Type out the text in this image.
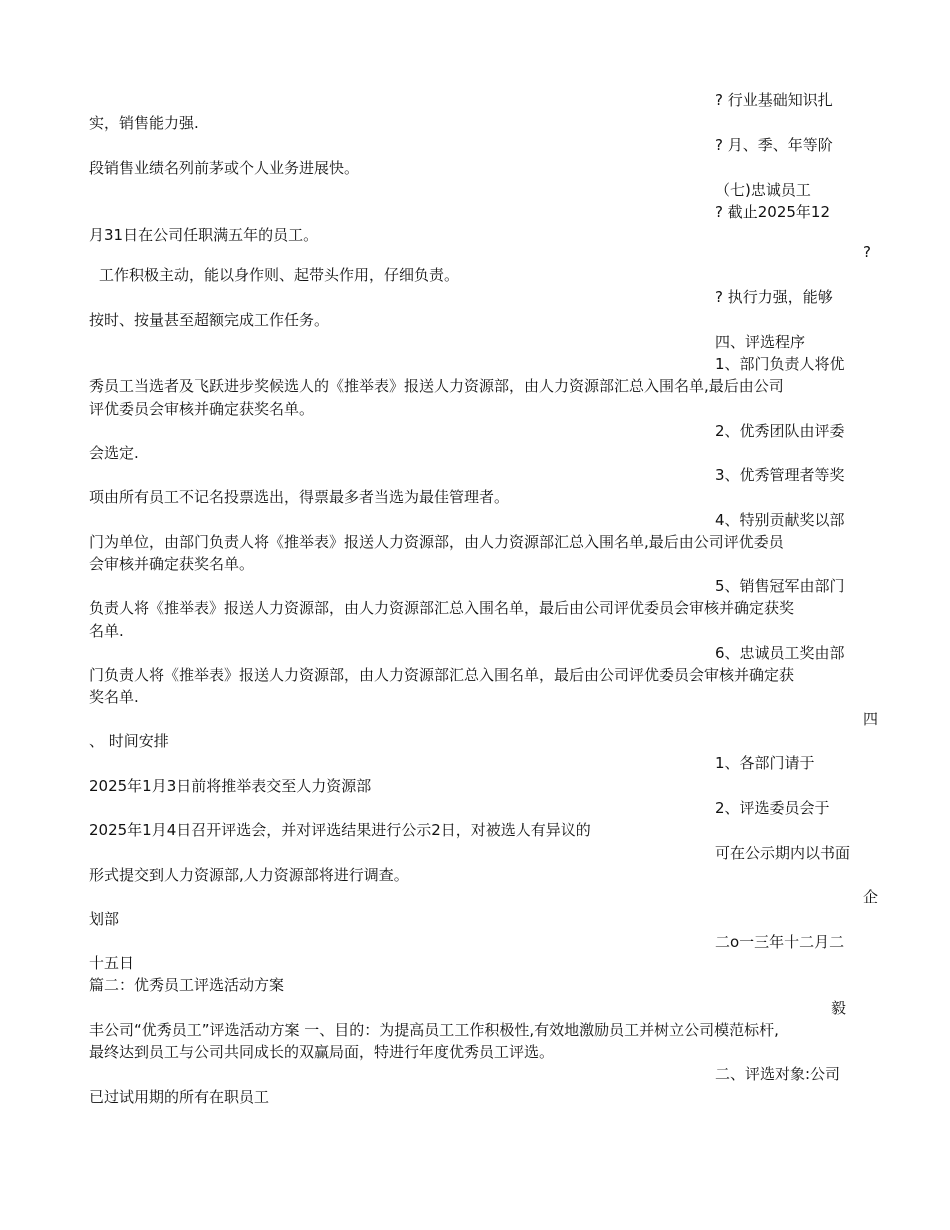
? 行业基础知识扎
实，销售能力强.
? 月、季、年等阶
段销售业绩名列前茅或个人业务进展快。
（七)忠诚员工
? 截止2025年12
月31日在公司任职满五年的员工。
?
工作积极主动，能以身作则、起带头作用，仔细负责。
? 执行力强，能够
按时、按量甚至超额完成工作任务。
四、评选程序
1、部门负责人将优
秀员工当选者及飞跃进步奖候选人的《推举表》报送人力资源部，由人力资源部汇总入围名单,最后由公司
评优委员会审核并确定获奖名单。
2、优秀团队由评委
会选定.
3、优秀管理者等奖
项由所有员工不记名投票选出，得票最多者当选为最佳管理者。
4、特别贡献奖以部
门为单位，由部门负责人将《推举表》报送人力资源部，由人力资源部汇总入围名单,最后由公司评优委员
会审核并确定获奖名单。
5、销售冠军由部门
负责人将《推举表》报送人力资源部，由人力资源部汇总入围名单，最后由公司评优委员会审核并确定获奖
名单.
6、忠诚员工奖由部
门负责人将《推举表》报送人力资源部，由人力资源部汇总入围名单，最后由公司评优委员会审核并确定获
奖名单.
四
、 时间安排
1、各部门请于
2025年1月3日前将推举表交至人力资源部
2、评选委员会于
2025年1月4日召开评选会，并对评选结果进行公示2日，对被选人有异议的
可在公示期内以书面
形式提交到人力资源部,人力资源部将进行调查。
企
划部
二o一三年十二月二
十五日
篇二：优秀员工评选活动方案
毅
丰公司“优秀员工”评选活动方案 一、目的：为提高员工工作积极性,有效地激励员工并树立公司模范标杆,
最终达到员工与公司共同成长的双赢局面，特进行年度优秀员工评选。
二、评选对象:公司
已过试用期的所有在职员工
